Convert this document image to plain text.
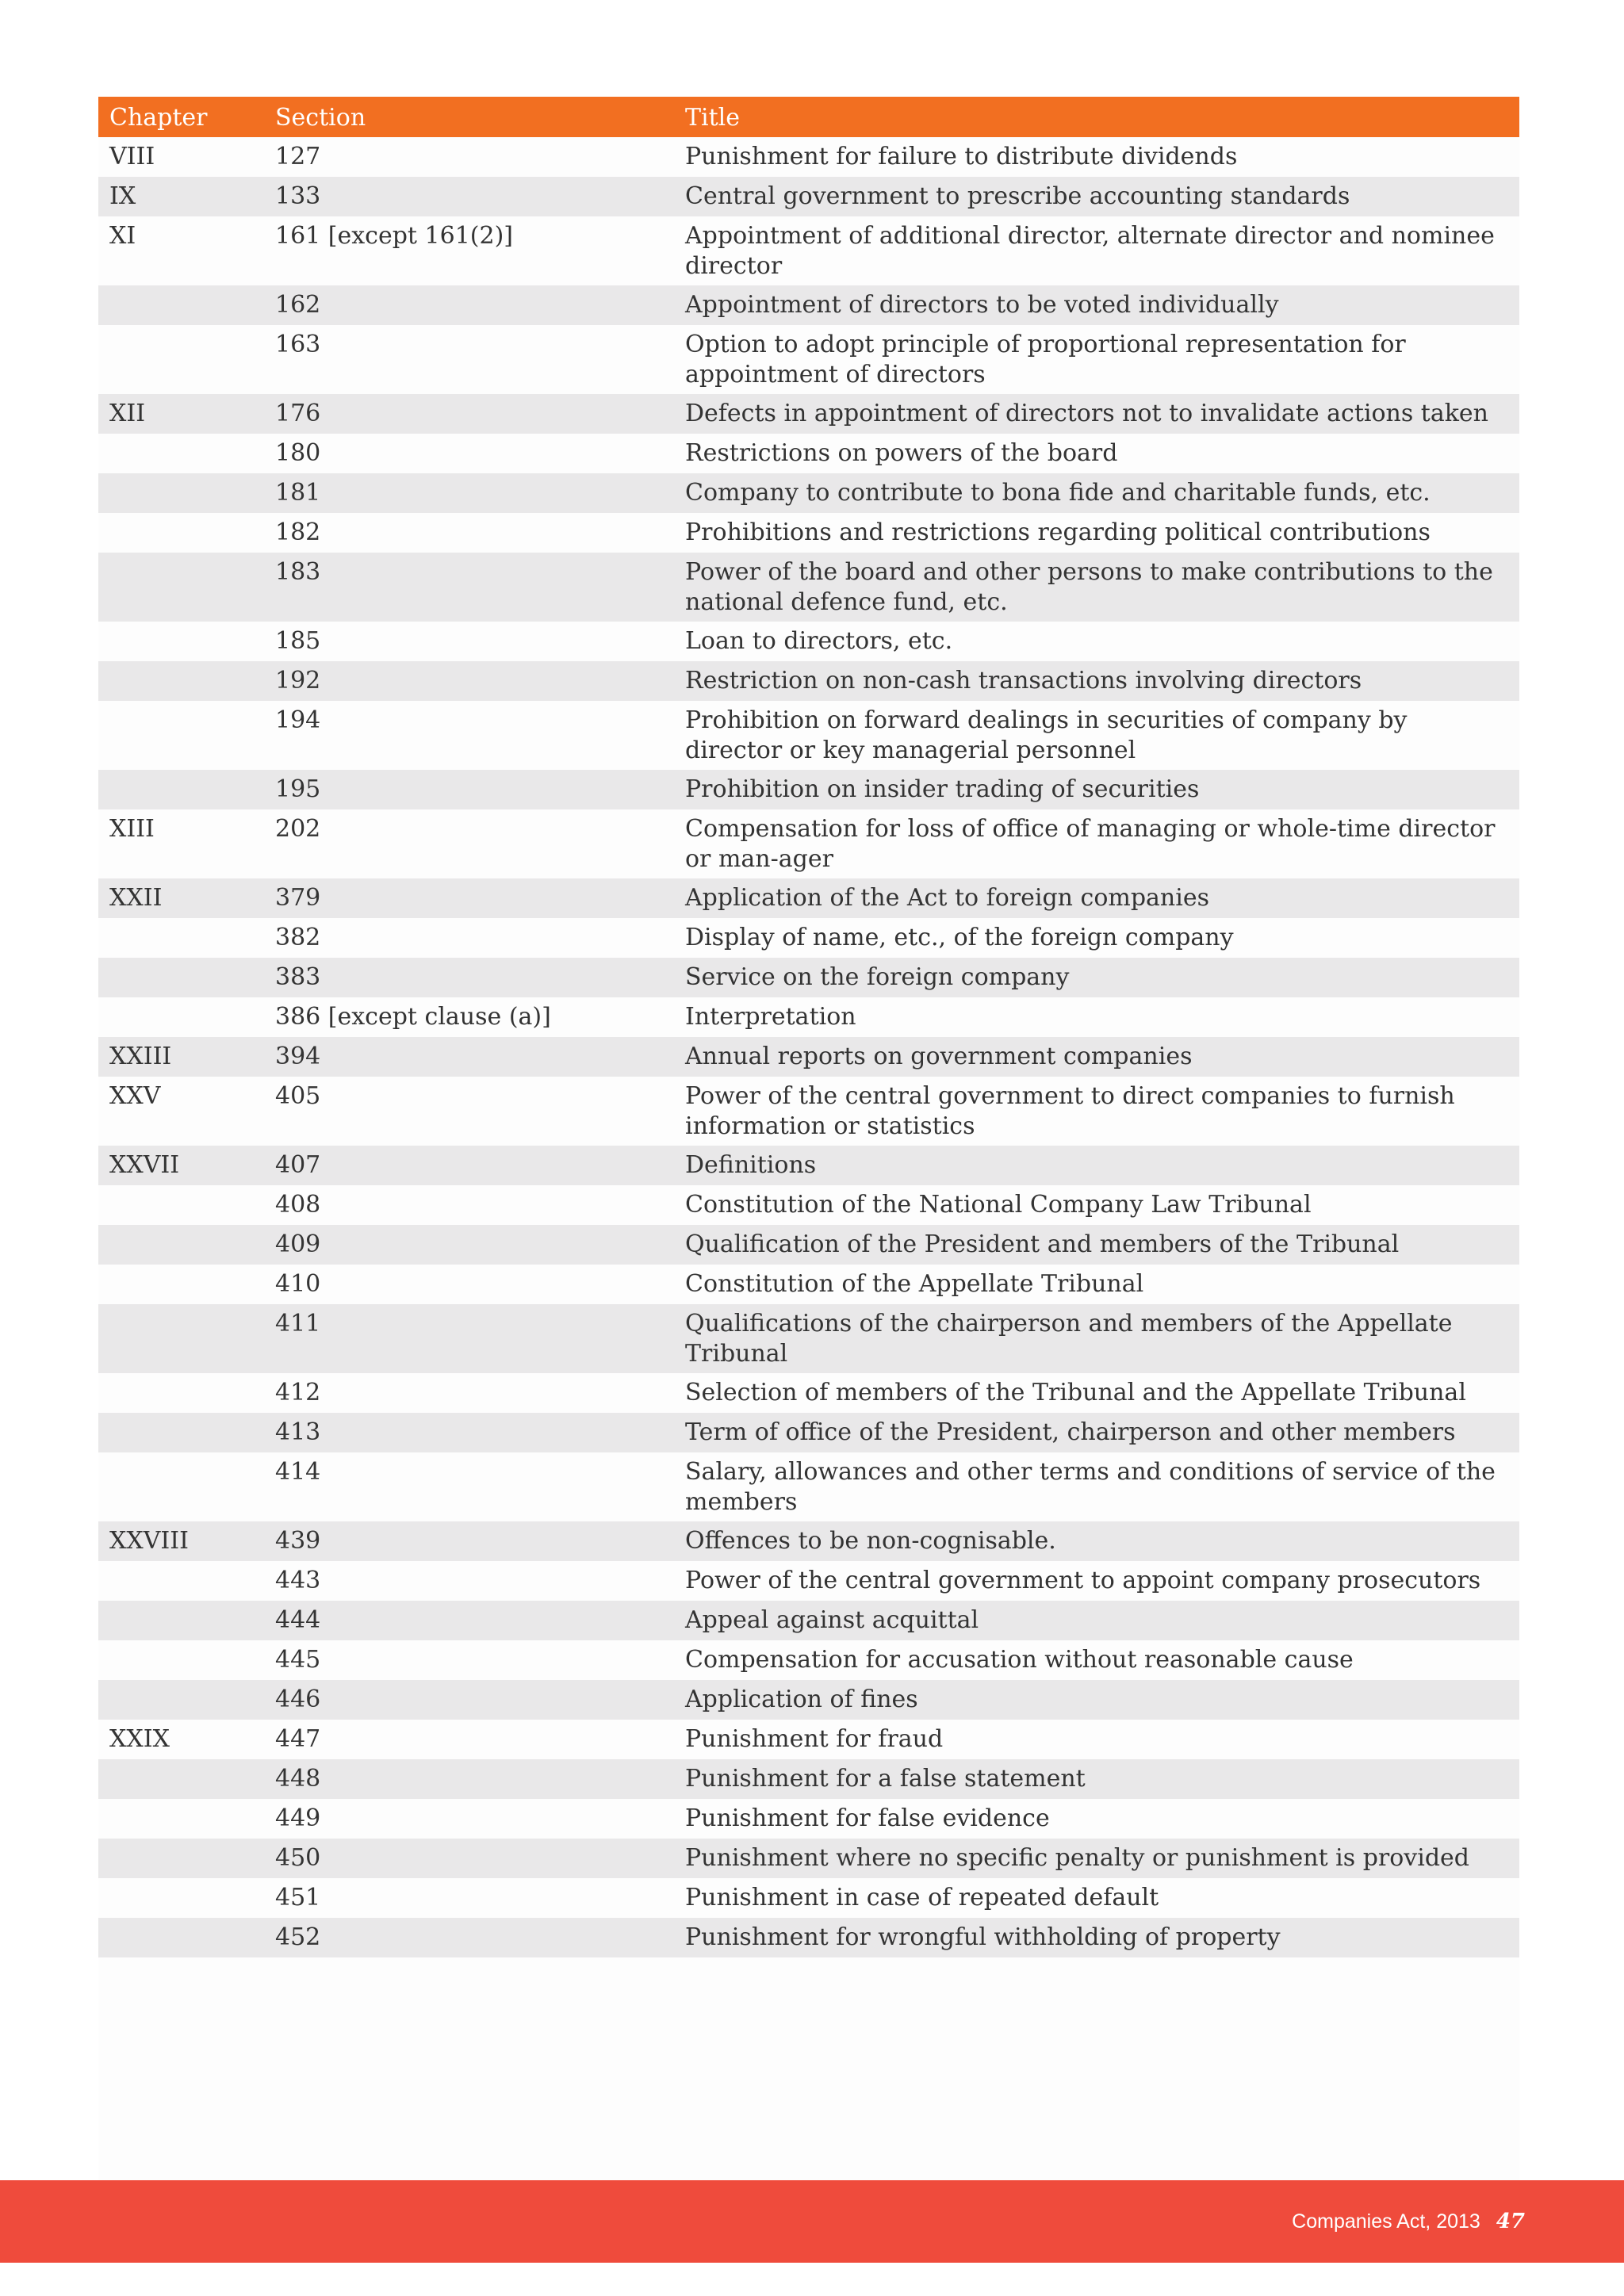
Chapter	Section	Title
VIII	127	Punishment for failure to distribute dividends
IX	133	Central government to prescribe accounting standards
XI	161 [except 161(2)]	Appointment of additional director, alternate director and nominee director
	162	Appointment of directors to be voted individually
	163	Option to adopt principle of proportional representation for appointment of directors
XII	176	Defects in appointment of directors not to invalidate actions taken
	180	Restrictions on powers of the board
	181	Company to contribute to bona fide and charitable funds, etc.
	182	Prohibitions and restrictions regarding political contributions
	183	Power of the board and other persons to make contributions to the national defence fund, etc.
	185	Loan to directors, etc.
	192	Restriction on non-cash transactions involving directors
	194	Prohibition on forward dealings in securities of company by director or key managerial personnel
	195	Prohibition on insider trading of securities
XIII	202	Compensation for loss of office of managing or whole-time director or man-ager
XXII	379	Application of the Act to foreign companies
	382	Display of name, etc., of the foreign company
	383	Service on the foreign company
	386 [except clause (a)]	Interpretation
XXIII	394	Annual reports on government companies
XXV	405	Power of the central government to direct companies to furnish information or statistics
XXVII	407	Definitions
	408	Constitution of the National Company Law Tribunal
	409	Qualification of the President and members of the Tribunal
	410	Constitution of the Appellate Tribunal
	411	Qualifications of the chairperson and members of the Appellate Tribunal
	412	Selection of members of the Tribunal and the Appellate Tribunal
	413	Term of office of the President, chairperson and other members
	414	Salary, allowances and other terms and conditions of service of the members
XXVIII	439	Offences to be non-cognisable.
	443	Power of the central government to appoint company prosecutors
	444	Appeal against acquittal
	445	Compensation for accusation without reasonable cause
	446	Application of fines
XXIX	447	Punishment for fraud
	448	Punishment for a false statement
	449	Punishment for false evidence
	450	Punishment where no specific penalty or punishment is provided
	451	Punishment in case of repeated default
	452	Punishment for wrongful withholding of property
Companies Act, 2013 47
